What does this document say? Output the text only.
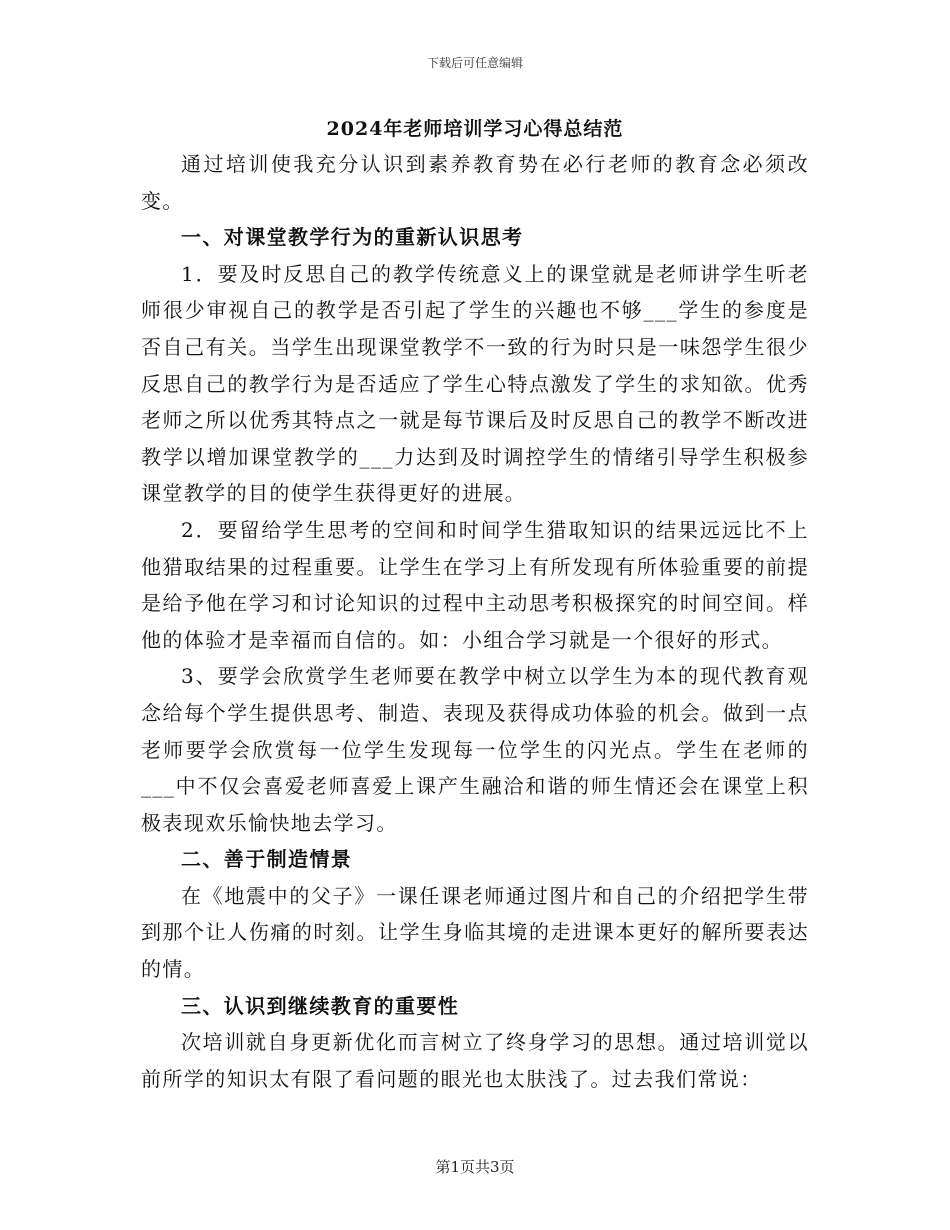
下载后可任意编辑
2024年老师培训学习心得总结范

通过培训使我充分认识到素养教育势在必行老师的教育念必须改变。

一、对课堂教学行为的重新认识思考

1．要及时反思自己的教学传统意义上的课堂就是老师讲学生听老师很少审视自己的教学是否引起了学生的兴趣也不够___学生的参度是否自己有关。当学生出现课堂教学不一致的行为时只是一味怨学生很少反思自己的教学行为是否适应了学生心特点激发了学生的求知欲。优秀老师之所以优秀其特点之一就是每节课后及时反思自己的教学不断改进教学以增加课堂教学的___力达到及时调控学生的情绪引导学生积极参课堂教学的目的使学生获得更好的进展。

2．要留给学生思考的空间和时间学生猎取知识的结果远远比不上他猎取结果的过程重要。让学生在学习上有所发现有所体验重要的前提是给予他在学习和讨论知识的过程中主动思考积极探究的时间空间。样他的体验才是幸福而自信的。如：小组合学习就是一个很好的形式。

3、要学会欣赏学生老师要在教学中树立以学生为本的现代教育观念给每个学生提供思考、制造、表现及获得成功体验的机会。做到一点老师要学会欣赏每一位学生发现每一位学生的闪光点。学生在老师的___中不仅会喜爱老师喜爱上课产生融洽和谐的师生情还会在课堂上积极表现欢乐愉快地去学习。

二、善于制造情景

在《地震中的父子》一课任课老师通过图片和自己的介绍把学生带到那个让人伤痛的时刻。让学生身临其境的走进课本更好的解所要表达的情。

三、认识到继续教育的重要性

次培训就自身更新优化而言树立了终身学习的思想。通过培训觉以前所学的知识太有限了看问题的眼光也太肤浅了。过去我们常说：

第1页共3页
